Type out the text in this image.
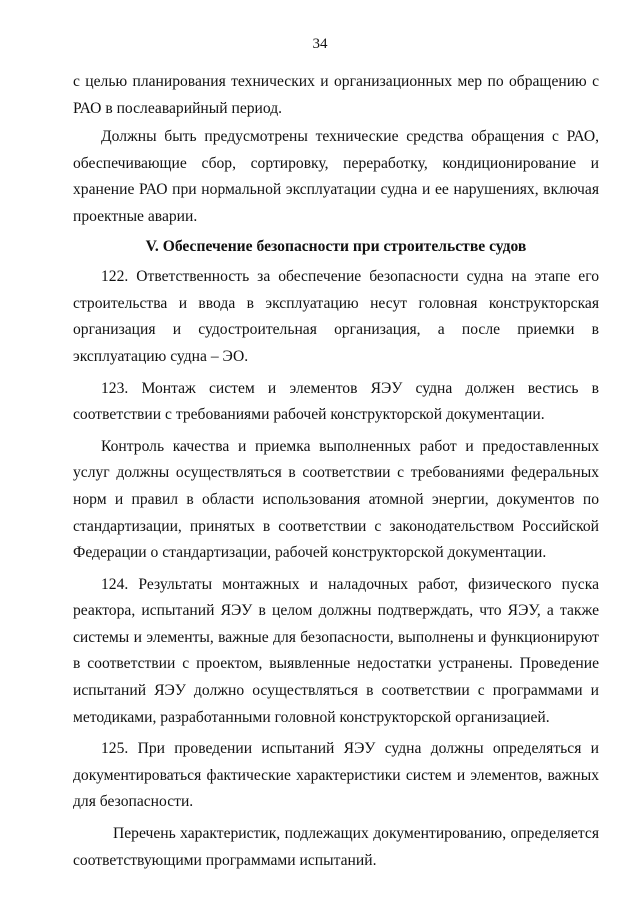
34

с целью планирования технических и организационных мер по обращению с РАО в послеаварийный период.

Должны быть предусмотрены технические средства обращения с РАО, обеспечивающие сбор, сортировку, переработку, кондиционирование и хранение РАО при нормальной эксплуатации судна и ее нарушениях, включая проектные аварии.

V. Обеспечение безопасности при строительстве судов

122. Ответственность за обеспечение безопасности судна на этапе его строительства и ввода в эксплуатацию несут головная конструкторская организация и судостроительная организация, а после приемки в эксплуатацию судна – ЭО.

123. Монтаж систем и элементов ЯЭУ судна должен вестись в соответствии с требованиями рабочей конструкторской документации.

Контроль качества и приемка выполненных работ и предоставленных услуг должны осуществляться в соответствии с требованиями федеральных норм и правил в области использования атомной энергии, документов по стандартизации, принятых в соответствии с законодательством Российской Федерации о стандартизации, рабочей конструкторской документации.

124. Результаты монтажных и наладочных работ, физического пуска реактора, испытаний ЯЭУ в целом должны подтверждать, что ЯЭУ, а также системы и элементы, важные для безопасности, выполнены и функционируют в соответствии с проектом, выявленные недостатки устранены. Проведение испытаний ЯЭУ должно осуществляться в соответствии с программами и методиками, разработанными головной конструкторской организацией.

125. При проведении испытаний ЯЭУ судна должны определяться и документироваться фактические характеристики систем и элементов, важных для безопасности.

Перечень характеристик, подлежащих документированию, определяется соответствующими программами испытаний.
